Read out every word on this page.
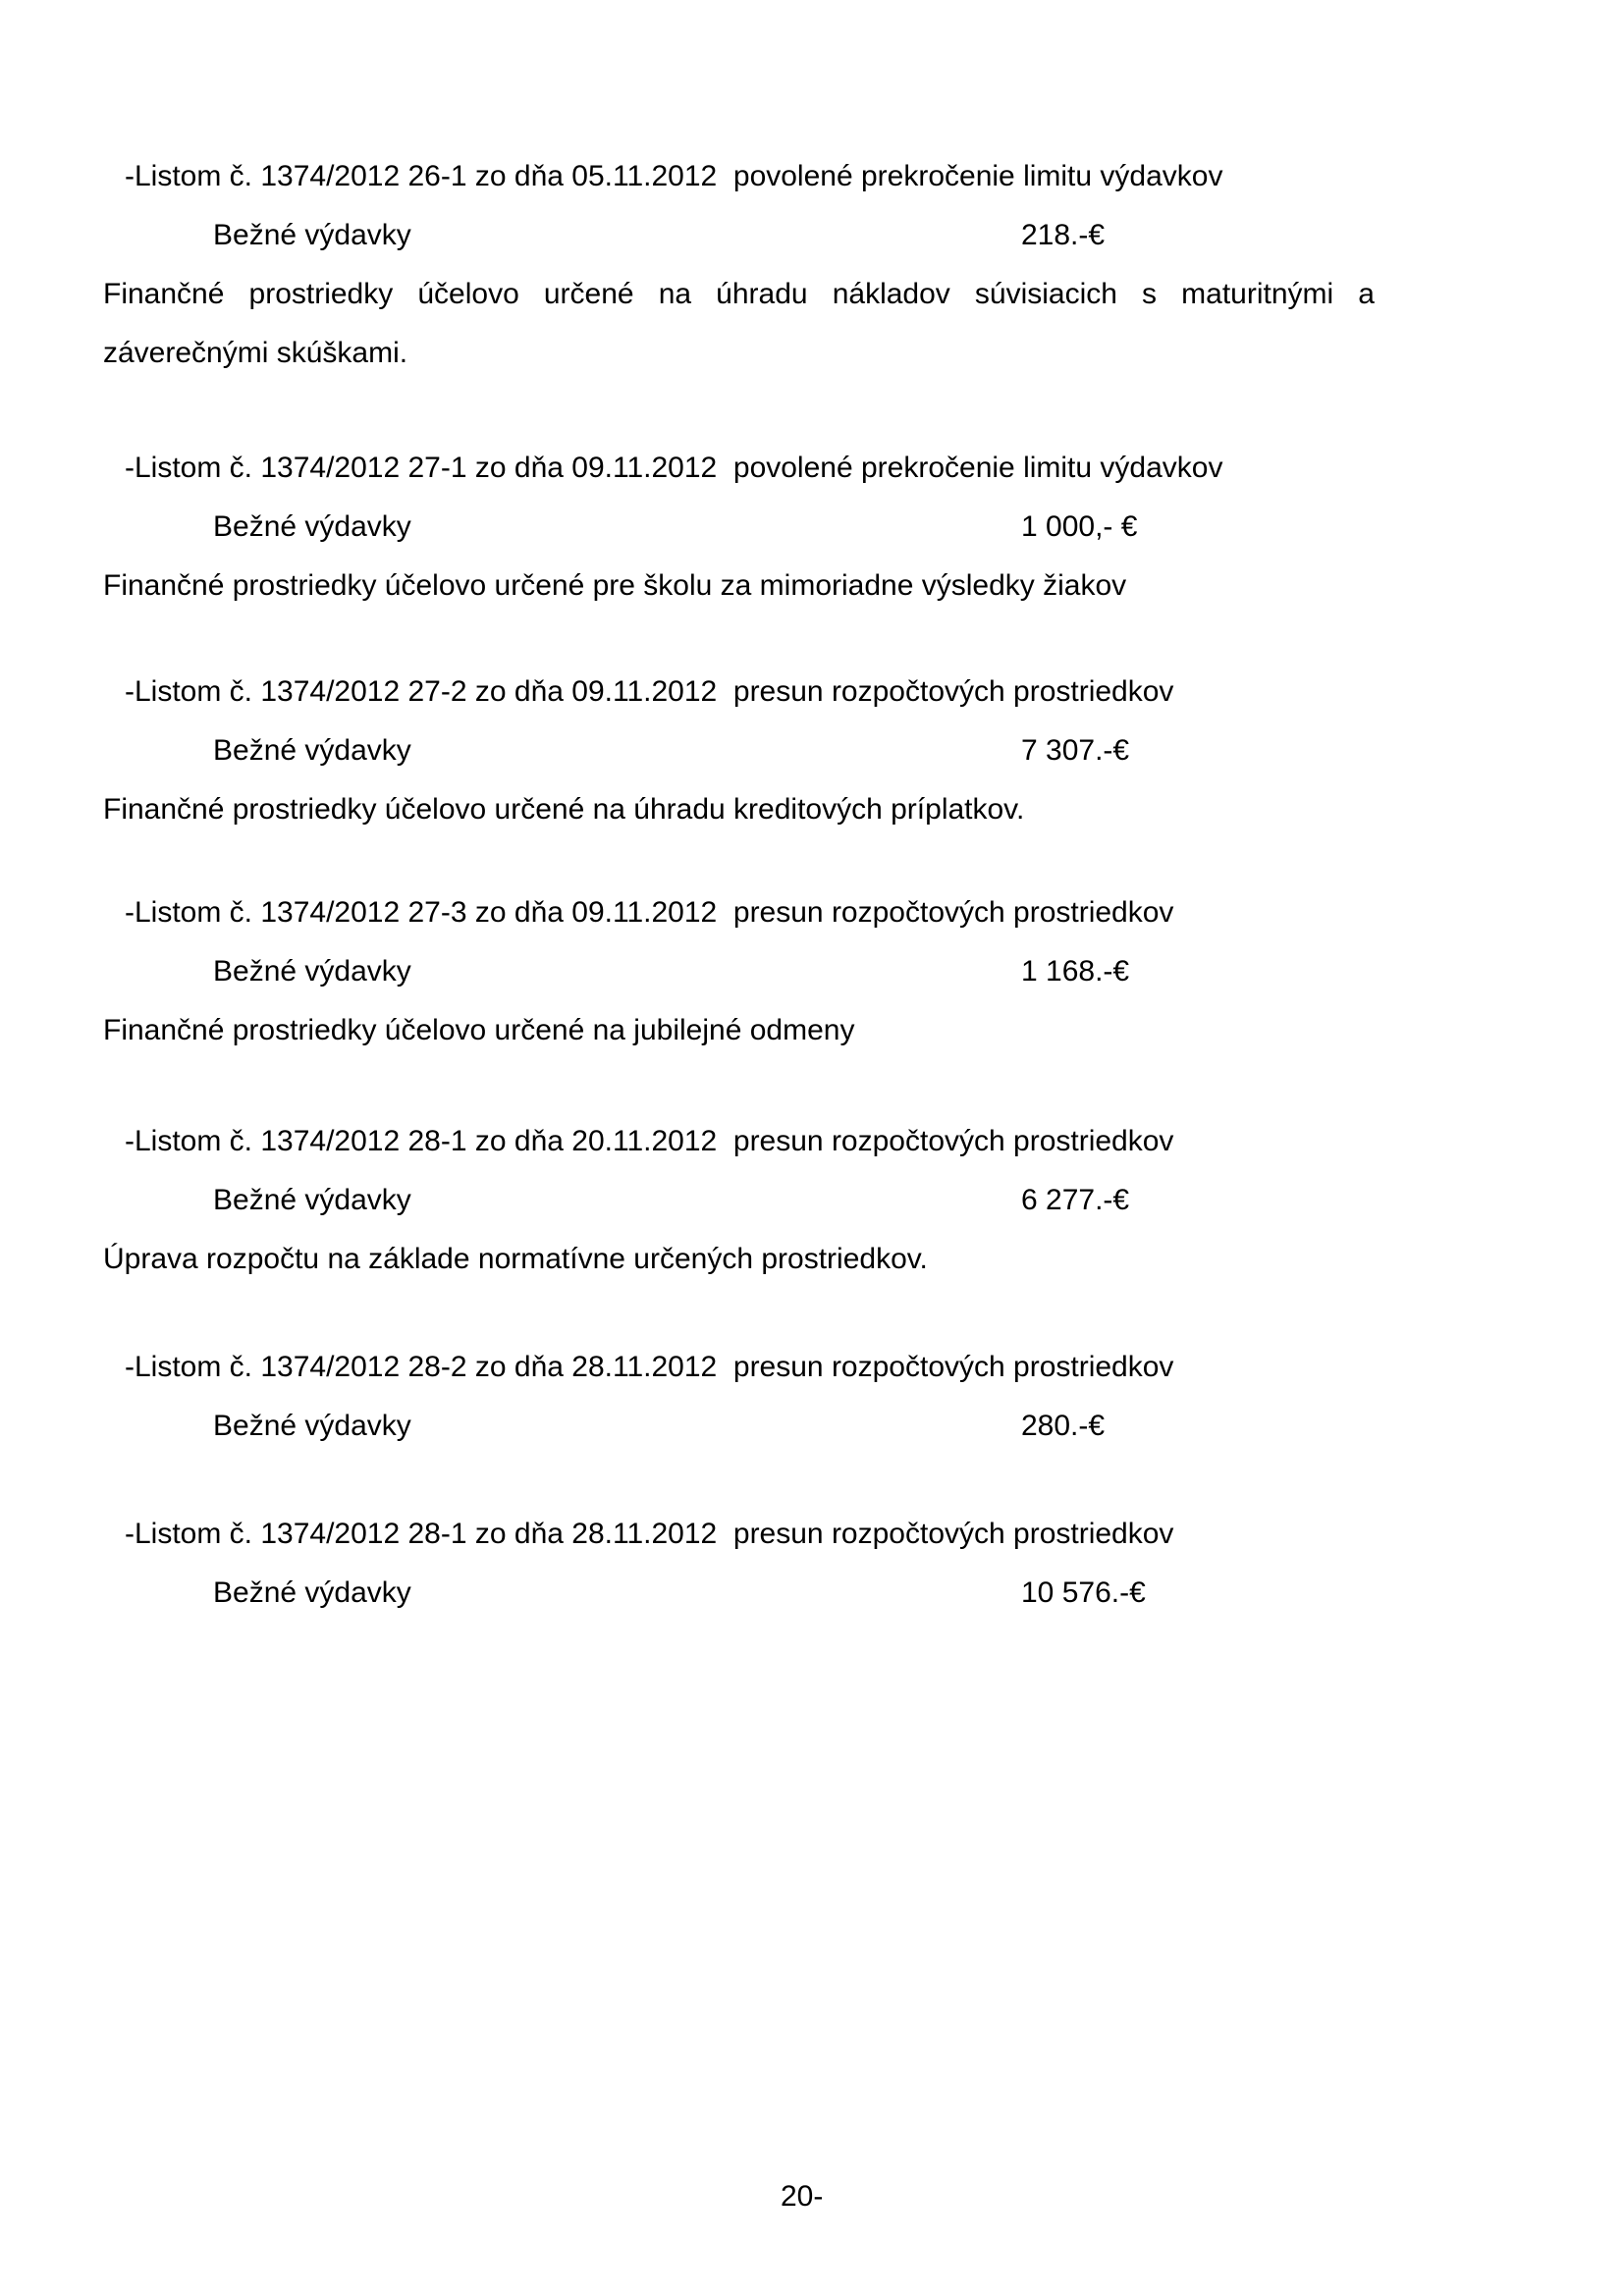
-Listom č. 1374/2012 26-1 zo dňa 05.11.2012  povolené prekročenie limitu výdavkov
Bežné výdavky	218.-€
Finančné prostriedky účelovo určené na úhradu nákladov súvisiacich s maturitnými a
záverečnými skúškami.
-Listom č. 1374/2012 27-1 zo dňa 09.11.2012  povolené prekročenie limitu výdavkov
Bežné výdavky	1 000,- €
Finančné prostriedky účelovo určené pre školu za mimoriadne výsledky žiakov
-Listom č. 1374/2012 27-2 zo dňa 09.11.2012  presun rozpočtových prostriedkov
Bežné výdavky	7 307.-€
Finančné prostriedky účelovo určené na úhradu kreditových príplatkov.
-Listom č. 1374/2012 27-3 zo dňa 09.11.2012  presun rozpočtových prostriedkov
Bežné výdavky	1 168.-€
Finančné prostriedky účelovo určené na jubilejné odmeny
-Listom č. 1374/2012 28-1 zo dňa 20.11.2012  presun rozpočtových prostriedkov
Bežné výdavky	6 277.-€
Úprava rozpočtu na základe normatívne určených prostriedkov.
-Listom č. 1374/2012 28-2 zo dňa 28.11.2012  presun rozpočtových prostriedkov
Bežné výdavky	280.-€
-Listom č. 1374/2012 28-1 zo dňa 28.11.2012  presun rozpočtových prostriedkov
Bežné výdavky	10 576.-€
20-
